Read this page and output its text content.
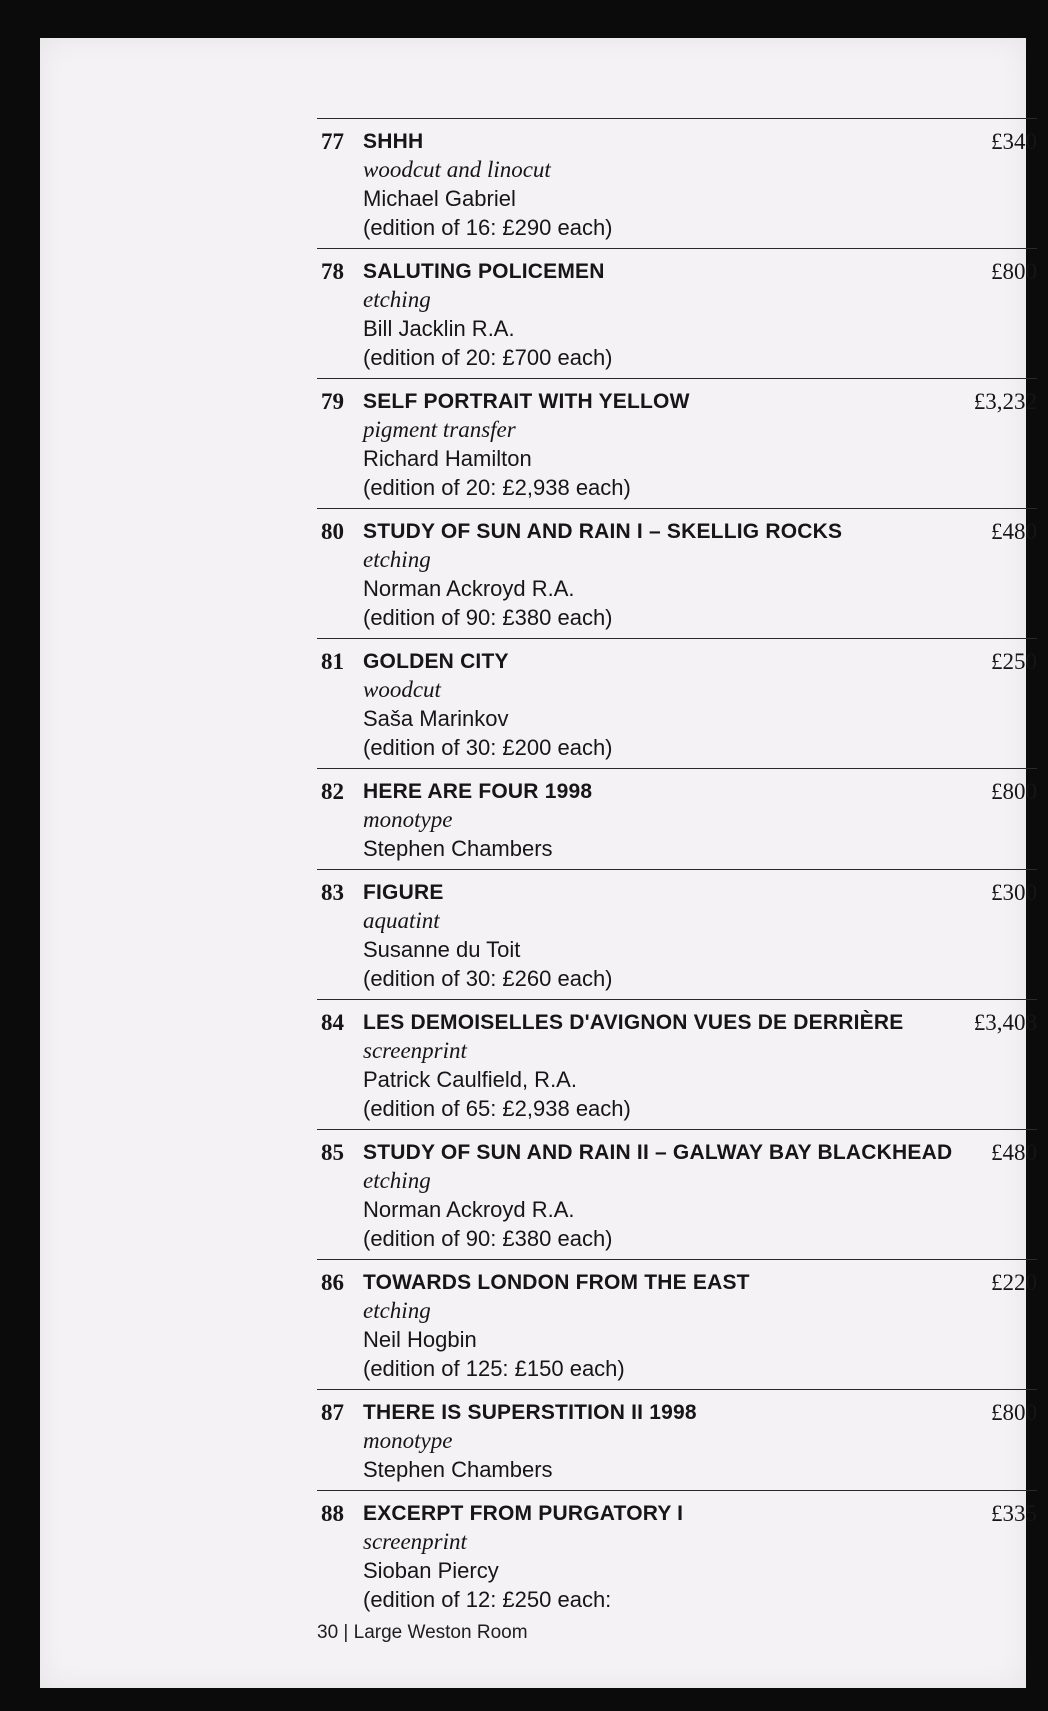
77 SHHH
woodcut and linocut
Michael Gabriel
(edition of 16: £290 each)
£340
78 SALUTING POLICEMEN
etching
Bill Jacklin R.A.
(edition of 20: £700 each)
£800
79 SELF PORTRAIT WITH YELLOW
pigment transfer
Richard Hamilton
(edition of 20: £2,938 each)
£3,232
80 STUDY OF SUN AND RAIN I – SKELLIG ROCKS
etching
Norman Ackroyd R.A.
(edition of 90: £380 each)
£480
81 GOLDEN CITY
woodcut
Saša Marinkov
(edition of 30: £200 each)
£250
82 HERE ARE FOUR 1998
monotype
Stephen Chambers
£800
83 FIGURE
aquatint
Susanne du Toit
(edition of 30: £260 each)
£300
84 LES DEMOISELLES D'AVIGNON VUES DE DERRIÈRE
screenprint
Patrick Caulfield, R.A.
(edition of 65: £2,938 each)
£3,408
85 STUDY OF SUN AND RAIN II – GALWAY BAY BLACKHEAD
etching
Norman Ackroyd R.A.
(edition of 90: £380 each)
£480
86 TOWARDS LONDON FROM THE EAST
etching
Neil Hogbin
(edition of 125: £150 each)
£220
87 THERE IS SUPERSTITION II 1998
monotype
Stephen Chambers
£800
88 EXCERPT FROM PURGATORY I
screenprint
Sioban Piercy
(edition of 12: £250 each:
£335
30 | Large Weston Room
